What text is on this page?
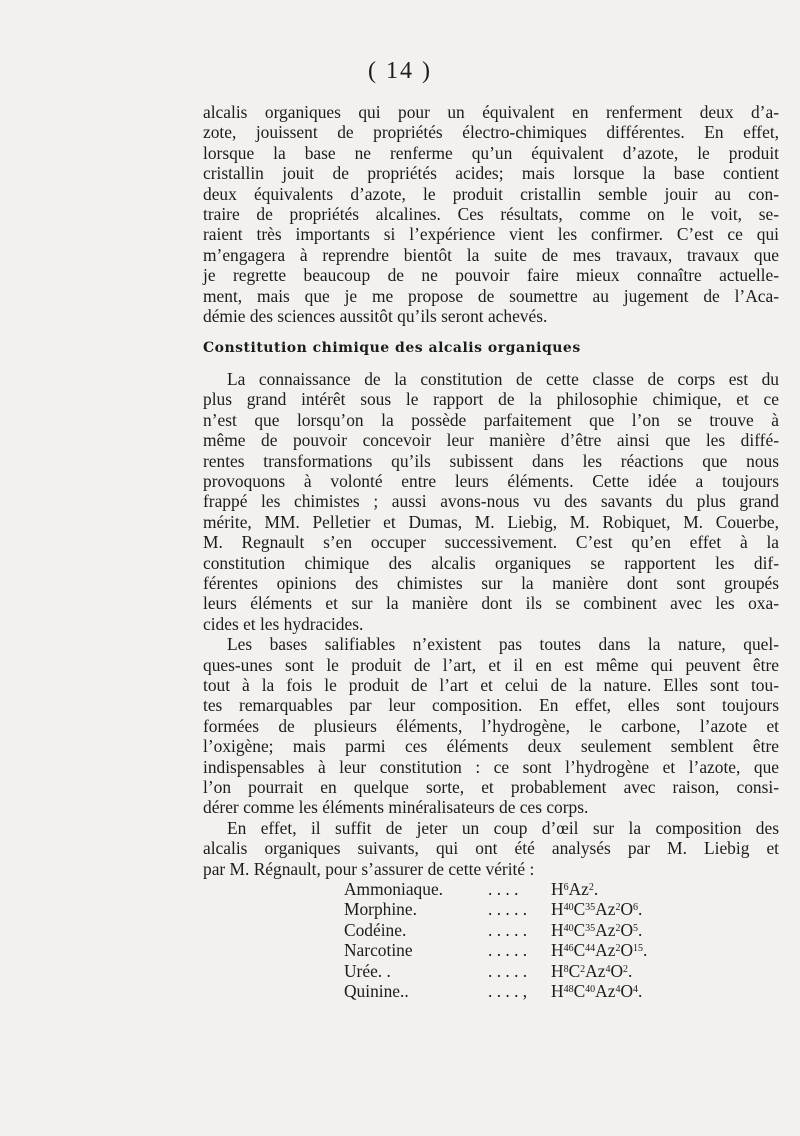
( 14 )

alcalis organiques qui pour un équivalent en renferment deux d’a-
zote, jouissent de propriétés électro-chimiques différentes. En effet,
lorsque la base ne renferme qu’un équivalent d’azote, le produit
cristallin jouit de propriétés acides; mais lorsque la base contient
deux équivalents d’azote, le produit cristallin semble jouir au con-
traire de propriétés alcalines. Ces résultats, comme on le voit, se-
raient très importants si l’expérience vient les confirmer. C’est ce qui
m’engagera à reprendre bientôt la suite de mes travaux, travaux que
je regrette beaucoup de ne pouvoir faire mieux connaître actuelle-
ment, mais que je me propose de soumettre au jugement de l’Aca-
démie des sciences aussitôt qu’ils seront achevés.

Constitution chimique des alcalis organiques

La connaissance de la constitution de cette classe de corps est du
plus grand intérêt sous le rapport de la philosophie chimique, et ce
n’est que lorsqu’on la possède parfaitement que l’on se trouve à
même de pouvoir concevoir leur manière d’être ainsi que les diffé-
rentes transformations qu’ils subissent dans les réactions que nous
provoquons à volonté entre leurs éléments. Cette idée a toujours
frappé les chimistes ; aussi avons-nous vu des savants du plus grand
mérite, MM. Pelletier et Dumas, M. Liebig, M. Robiquet, M. Couerbe,
M. Regnault s’en occuper successivement. C’est qu’en effet à la
constitution chimique des alcalis organiques se rapportent les dif-
férentes opinions des chimistes sur la manière dont sont groupés
leurs éléments et sur la manière dont ils se combinent avec les oxa-
cides et les hydracides.

Les bases salifiables n’existent pas toutes dans la nature, quel-
ques-unes sont le produit de l’art, et il en est même qui peuvent être
tout à la fois le produit de l’art et celui de la nature. Elles sont tou-
tes remarquables par leur composition. En effet, elles sont toujours
formées de plusieurs éléments, l’hydrogène, le carbone, l’azote et
l’oxigène; mais parmi ces éléments deux seulement semblent être
indispensables à leur constitution : ce sont l’hydrogène et l’azote, que
l’on pourrait en quelque sorte, et probablement avec raison, consi-
dérer comme les éléments minéralisateurs de ces corps.

En effet, il suffit de jeter un coup d’œil sur la composition des
alcalis organiques suivants, qui ont été analysés par M. Liebig et
par M. Régnault, pour s’assurer de cette vérité :

Ammoniaque.	. . . .	$H^6Az^2$.
Morphine.	. . . . .	$H^{40}C^{35}Az^2O^6$.
Codéine.	. . . . .	$H^{40}C^{35}Az^2O^5$.
Narcotine	. . . . .	$H^{46}C^{44}Az^2O^{15}$.
Urée. .	. . . . .	$H^8C^2Az^4O^2$.
Quinine..	. . . . ,	$H^{48}C^{40}Az^4O^4$.
